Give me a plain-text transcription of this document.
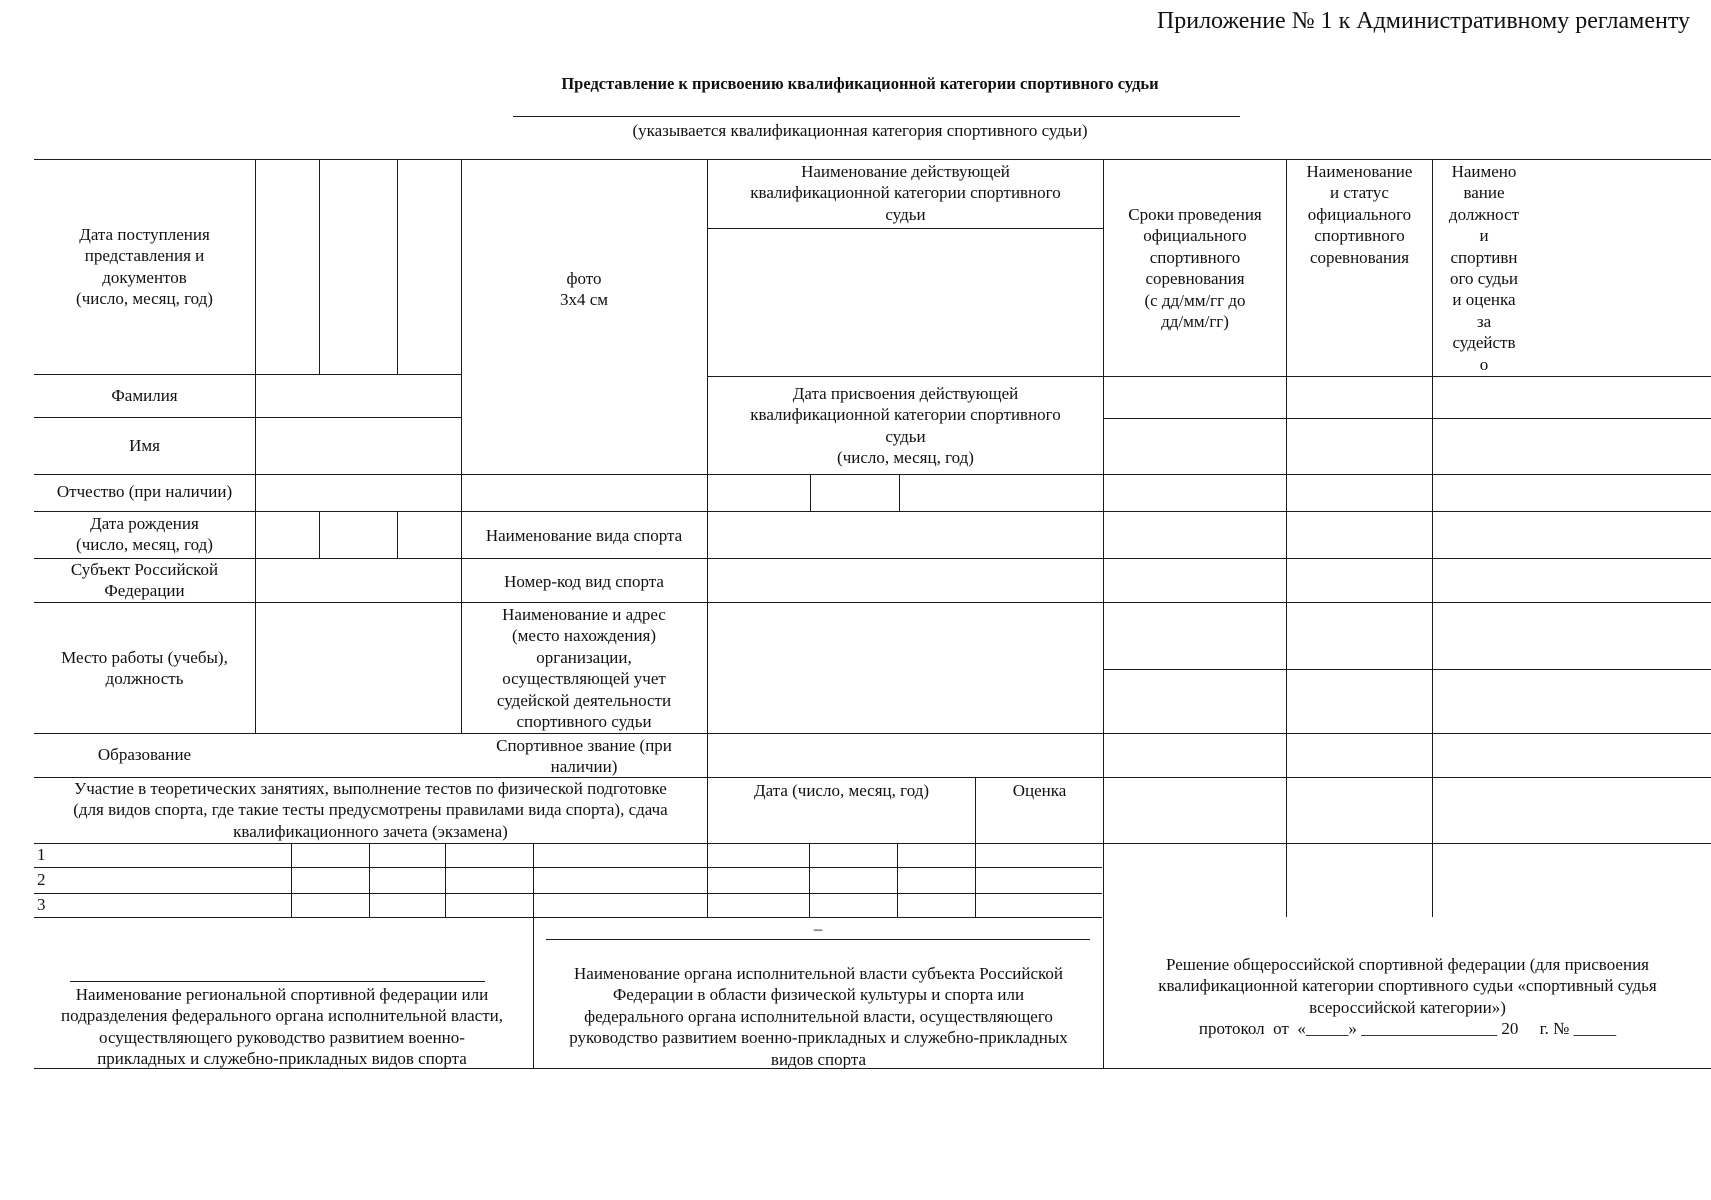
Приложение № 1 к Административному регламенту
Представление к присвоению квалификационной категории спортивного судьи
(указывается квалификационная категория спортивного судьи)
Дата поступления
представления и
документов
(число, месяц, год)
Фамилия
Имя
Отчество (при наличии)
Дата рождения
(число, месяц, год)
Субъект Российской
Федерации
Место работы (учебы),
должность
Образование
фото
3х4 см
Наименование вида спорта
Номер-код вид спорта
Наименование и адрес
(место нахождения)
организации,
осуществляющей учет
судейской деятельности
спортивного судьи
Спортивное звание (при
наличии)
Наименование действующей
квалификационной категории спортивного
судьи
Дата присвоения действующей
квалификационной категории спортивного
судьи
(число, месяц, год)
Сроки проведения
официального
спортивного
соревнования
(с дд/мм/гг до
дд/мм/гг)
Наименование
и статус
официального
спортивного
соревнования
Наимено
вание
должност
и
спортивн
ого судьи
и оценка
за
судейств
о
Участие в теоретических занятиях, выполнение тестов по физической подготовке
(для видов спорта, где такие тесты предусмотрены правилами вида спорта), сдача
квалификационного зачета (экзамена)
Дата (число, месяц, год)	Оценка
1
2
3
Наименование региональной спортивной федерации или
подразделения федерального органа исполнительной власти,
осуществляющего руководство развитием военно-
прикладных и служебно-прикладных видов спорта
–
Наименование органа исполнительной власти субъекта Российской
Федерации в области физической культуры и спорта или
федерального органа исполнительной власти, осуществляющего
руководство развитием военно-прикладных и служебно-прикладных
видов спорта
Решение общероссийской спортивной федерации (для присвоения
квалификационной категории спортивного судьи «спортивный судья
всероссийской категории»)
протокол  от  «_____» ________________ 20     г. № _____
